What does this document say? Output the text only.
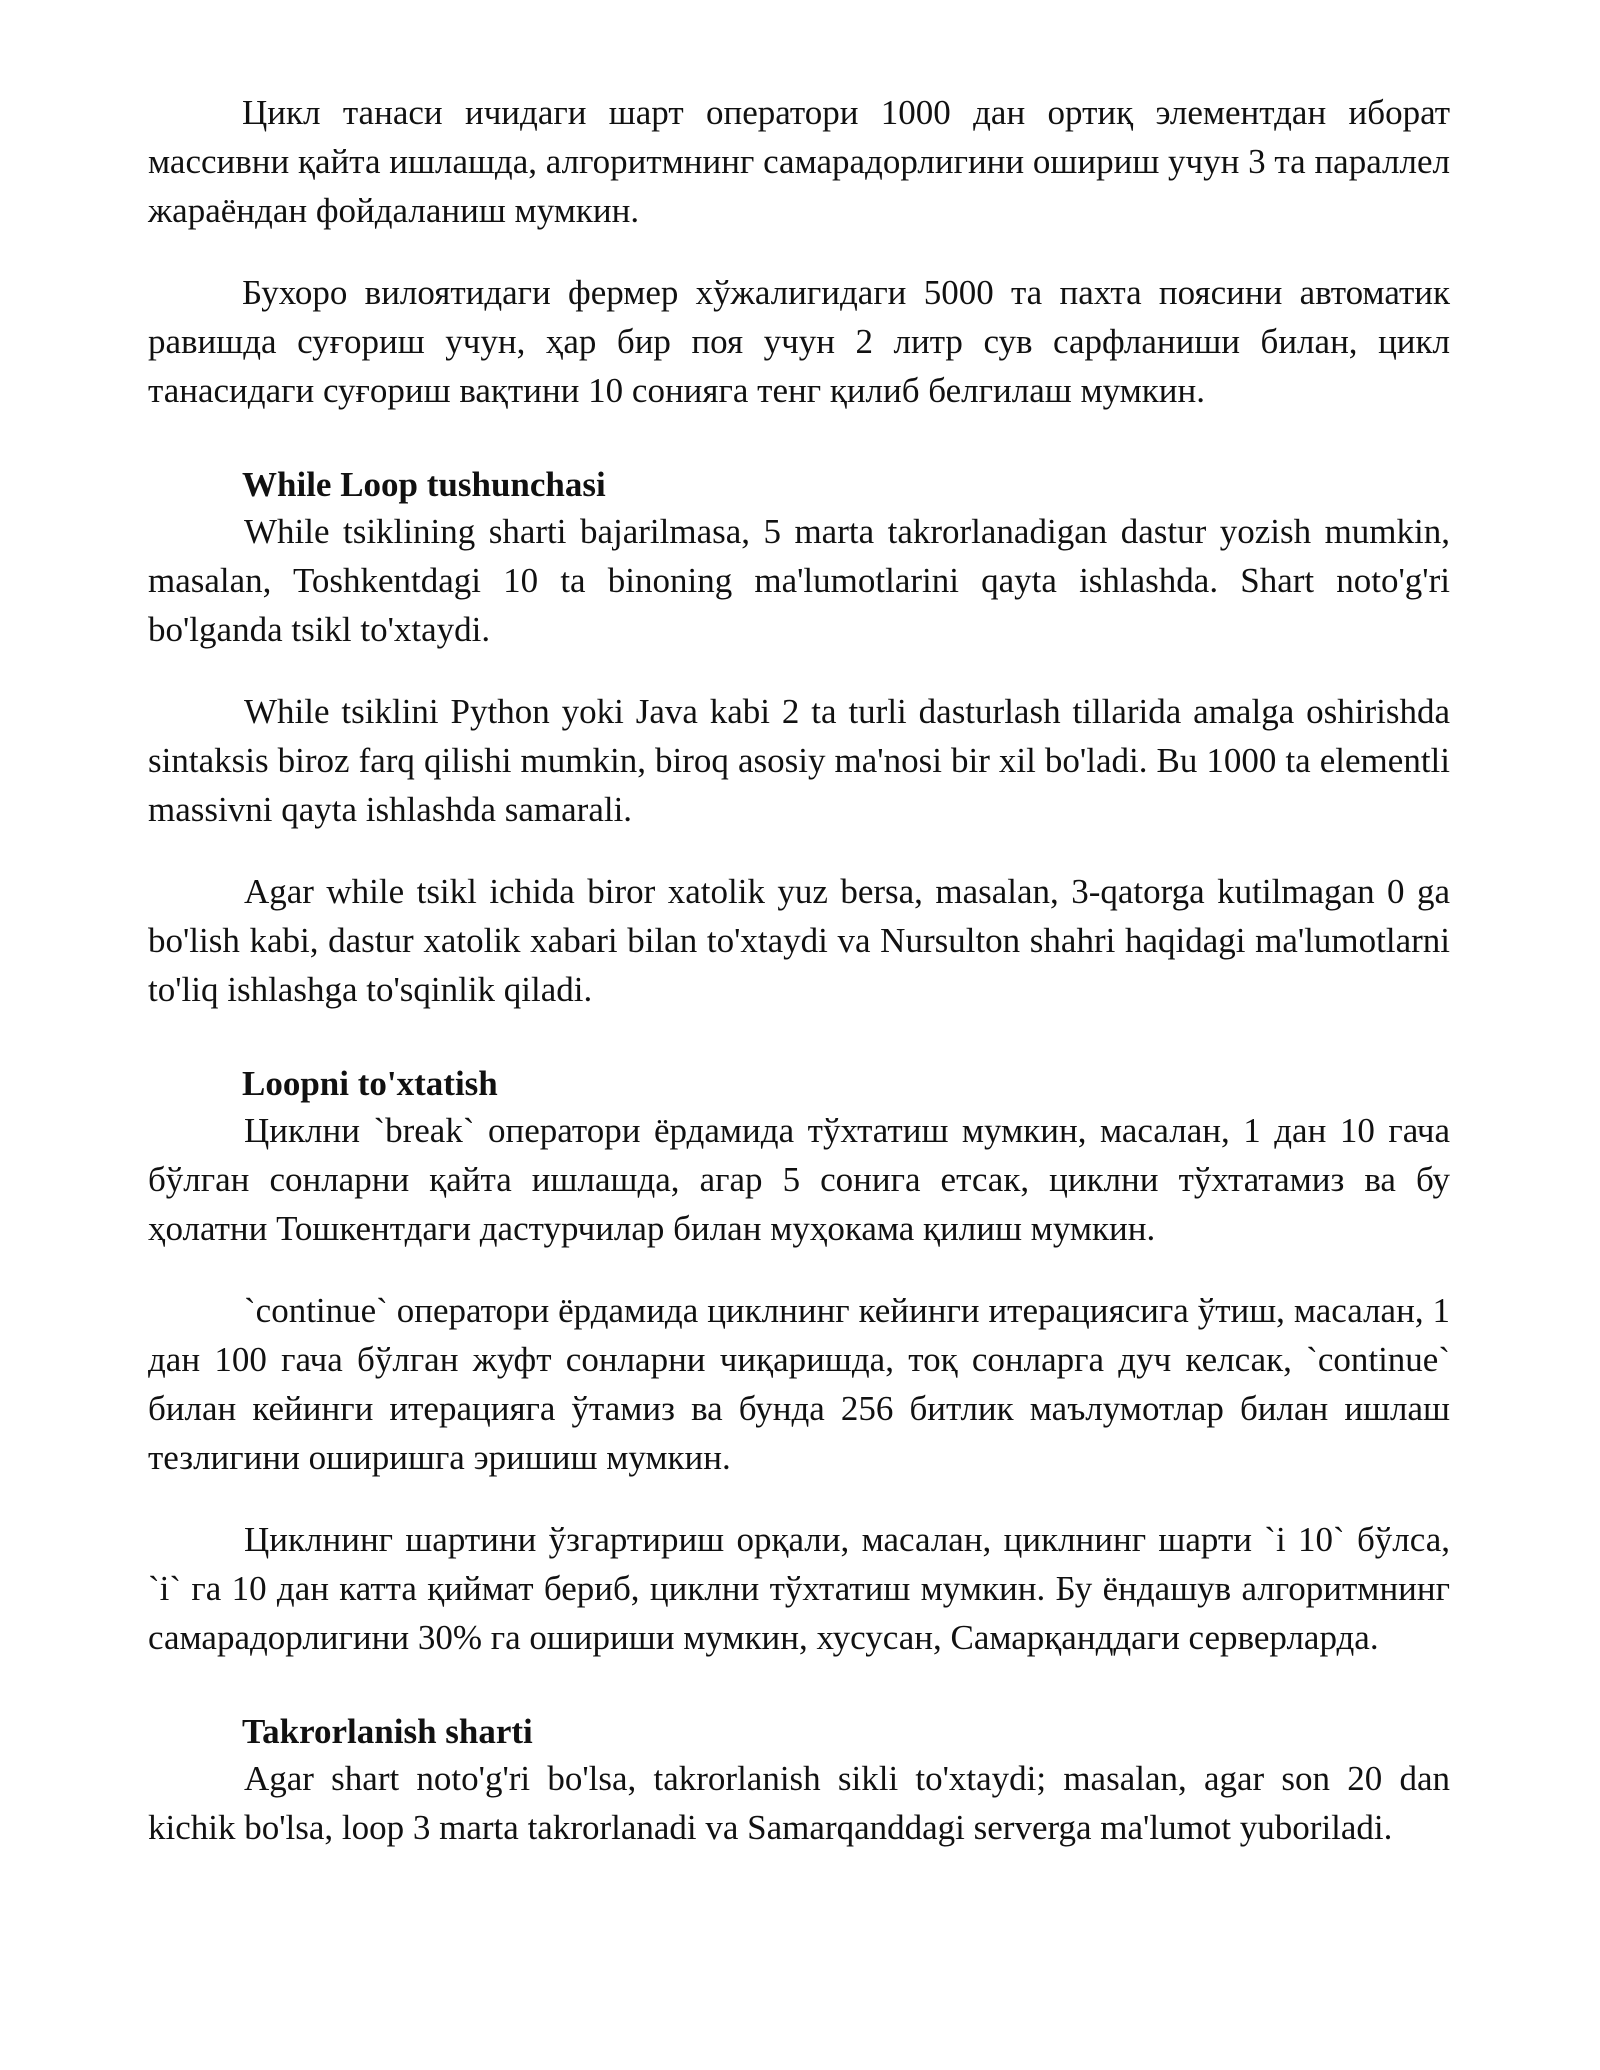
Цикл танаси ичидаги шарт оператори 1000 дан ортиқ элементдан иборат массивни қайта ишлашда, алгоритмнинг самарадорлигини ошириш учун 3 та параллел жараёндан фойдаланиш мумкин.

Бухоро вилоятидаги фермер хўжалигидаги 5000 та пахта поясини автоматик равишда суғориш учун, ҳар бир поя учун 2 литр сув сарфланиши билан, цикл танасидаги суғориш вақтини 10 сонияга тенг қилиб белгилаш мумкин.

While Loop tushunchasi

While tsiklining sharti bajarilmasa, 5 marta takrorlanadigan dastur yozish mumkin, masalan, Toshkentdagi 10 ta binoning ma'lumotlarini qayta ishlashda. Shart noto'g'ri bo'lganda tsikl to'xtaydi.

While tsiklini Python yoki Java kabi 2 ta turli dasturlash tillarida amalga oshirishda sintaksis biroz farq qilishi mumkin, biroq asosiy ma'nosi bir xil bo'ladi. Bu 1000 ta elementli massivni qayta ishlashda samarali.

Agar while tsikl ichida biror xatolik yuz bersa, masalan, 3-qatorga kutilmagan 0 ga bo'lish kabi, dastur xatolik xabari bilan to'xtaydi va Nursulton shahri haqidagi ma'lumotlarni to'liq ishlashga to'sqinlik qiladi.

Loopni to'xtatish

Циклни `break` оператори ёрдамида тўхтатиш мумкин, масалан, 1 дан 10 гача бўлган сонларни қайта ишлашда, агар 5 сонига етсак, циклни тўхтатамиз ва бу ҳолатни Тошкентдаги дастурчилар билан муҳокама қилиш мумкин.

`continue` оператори ёрдамида циклнинг кейинги итерациясига ўтиш, масалан, 1 дан 100 гача бўлган жуфт сонларни чиқаришда, тоқ сонларга дуч келсак, `continue` билан кейинги итерацияга ўтамиз ва бунда 256 битлик маълумотлар билан ишлаш тезлигини оширишга эришиш мумкин.

Циклнинг шартини ўзгартириш орқали, масалан, циклнинг шарти `i 10` бўлса, `i` га 10 дан катта қиймат бериб, циклни тўхтатиш мумкин. Бу ёндашув алгоритмнинг самарадорлигини 30% га ошириши мумкин, хусусан, Самарқанддаги серверларда.

Takrorlanish sharti

Agar shart noto'g'ri bo'lsa, takrorlanish sikli to'xtaydi; masalan, agar son 20 dan kichik bo'lsa, loop 3 marta takrorlanadi va Samarqanddagi serverga ma'lumot yuboriladi.
